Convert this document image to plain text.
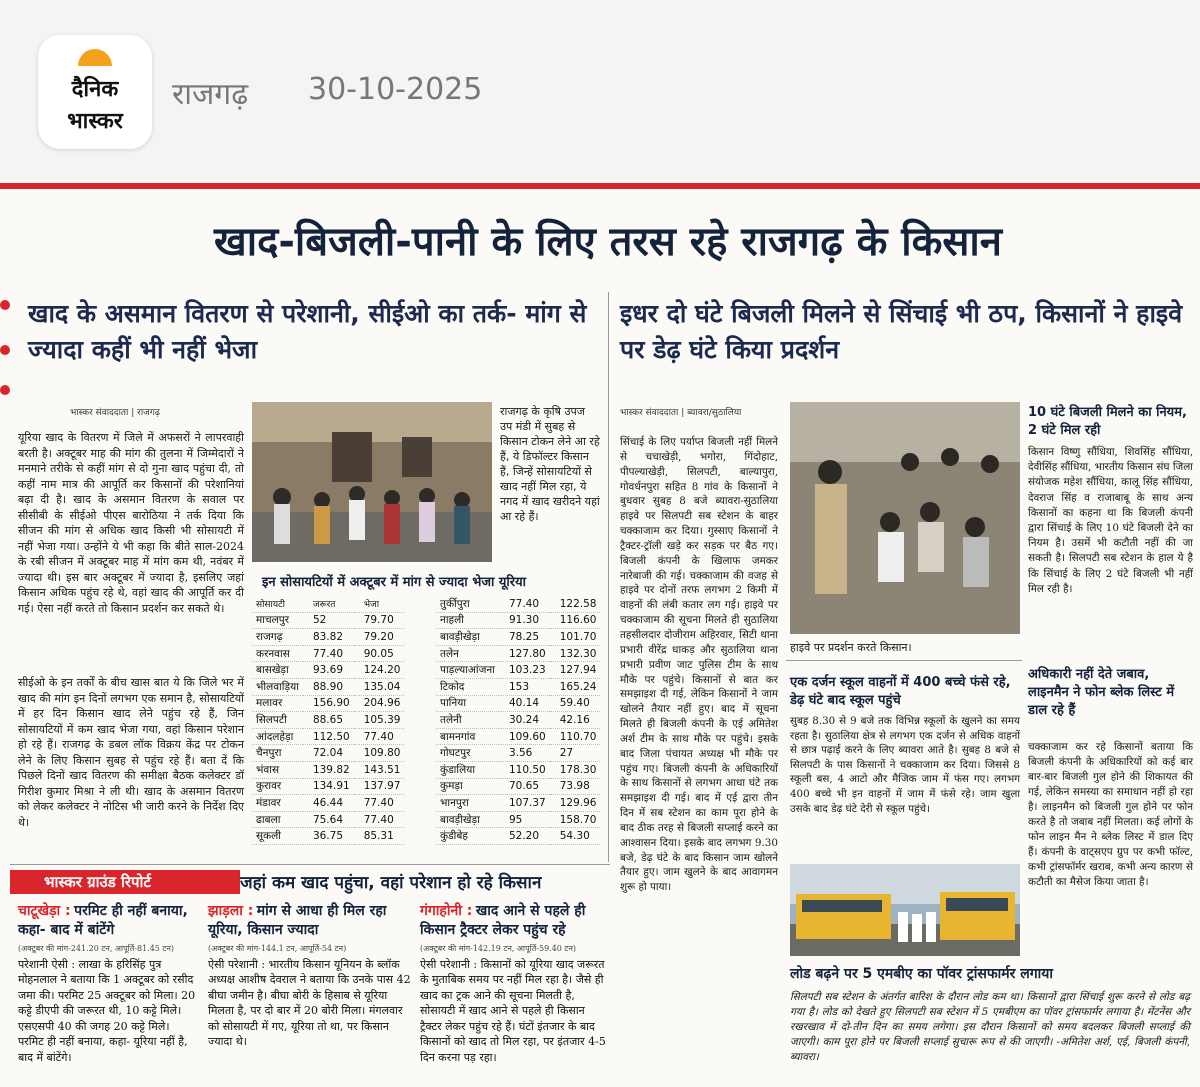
दैनिक
भास्कर
राजगढ़ 30-10-2025
खाद-बिजली-पानी के लिए तरस रहे राजगढ़ के किसान
खाद के असमान वितरण से परेशानी, सीईओ का तर्क- मांग से ज्यादा कहीं भी नहीं भेजा
भास्कर संवाददाता | राजगढ़
यूरिया खाद के वितरण में जिले में अफसरों ने लापरवाही बरती है। अक्टूबर माह की मांग की तुलना में जिम्मेदारों ने मनमाने तरीके से कहीं मांग से दो गुना खाद पहुंचा दी, तो कहीं नाम मात्र की आपूर्ति कर किसानों की परेशानियां बढ़ा दी है। खाद के असमान वितरण के सवाल पर सीसीबी के सीईओ पीएस बारोठिया ने तर्क दिया कि सीजन की मांग से अधिक खाद किसी भी सोसायटी में नहीं भेजा गया। उन्होंने ये भी कहा कि बीते साल-2024 के रबी सीजन में अक्टूबर माह में मांग कम थी, नवंबर में ज्यादा थी। इस बार अक्टूबर में ज्यादा है, इसलिए जहां किसान अधिक पहुंच रहे थे, वहां खाद की आपूर्ति कर दी गई। ऐसा नहीं करते तो किसान प्रदर्शन कर सकते थे।
सीईओ के इन तर्कों के बीच खास बात ये कि जिले भर में खाद की मांग इन दिनों लगभग एक समान है, सोसायटियों में हर दिन किसान खाद लेने पहुंच रहे हैं, जिन सोसायटियों में कम खाद भेजा गया, वहां किसान परेशान हो रहे हैं। राजगढ़ के डबल लॉक विक्रय केंद्र पर टोकन लेने के लिए किसान सुबह से पहुंच रहे हैं। बता दें कि पिछले दिनों खाद वितरण की समीक्षा बैठक कलेक्टर डॉ गिरीश कुमार मिश्रा ने ली थी। खाद के असमान वितरण को लेकर कलेक्टर ने नोटिस भी जारी करने के निर्देश दिए थे।
राजगढ़ के कृषि उपज उप मंडी में सुबह से किसान टोकन लेने आ रहे हैं, ये डिफॉल्टर किसान हैं, जिन्हें सोसायटियों से खाद नहीं मिल रहा, ये नगद में खाद खरीदने यहां आ रहे हैं।
इन सोसायटियों में अक्टूबर में मांग से ज्यादा भेजा यूरिया
सोसायटी	जरूरत	भेजा
माचलपुर	52	79.70
राजगढ़	83.82	79.20
करनवास	77.40	90.05
बासखेड़ा	93.69	124.20
भीलवाड़िया	88.90	135.04
मलावर	156.90	204.96
सिलपटी	88.65	105.39
आंदलहेड़ा	112.50	77.40
चैनपुरा	72.04	109.80
भंवास	139.82	143.51
कुरावर	134.91	137.97
मंडावर	46.44	77.40
ढाबला	75.64	77.40
सूकली	36.75	85.31
तुर्कीपुरा	77.40	122.58
नाहली	91.30	116.60
बावड़ीखेड़ा	78.25	101.70
तलेन	127.80	132.30
पाड़ल्याआंजना	103.23	127.94
टिकोद	153	165.24
पानिया	40.14	59.40
तलेनी	30.24	42.16
बामनगांव	109.60	110.70
गोघटपुर	3.56	27
कुंडालिया	110.50	178.30
कुमड़ा	70.65	73.98
भानपुरा	107.37	129.96
बावड़ीखेड़ा	95	158.70
कुंडीबेह	52.20	54.30
इधर दो घंटे बिजली मिलने से सिंचाई भी ठप, किसानों ने हाइवे पर डेढ़ घंटे किया प्रदर्शन
भास्कर संवाददाता | ब्यावरा/सुठालिया
सिंचाई के लिए पर्याप्त बिजली नहीं मिलने से चचाखेड़ी, भगोरा, गिंदोहाट, पीपल्याखेड़ी, सिलपटी, बाल्यापुरा, गोवर्धनपुरा सहित 8 गांव के किसानों ने बुधवार सुबह 8 बजे ब्यावरा-सुठालिया हाइवे पर सिलपटी सब स्टेशन के बाहर चक्काजाम कर दिया। गुस्साए किसानों ने ट्रैक्टर-ट्रॉली खड़े कर सड़क पर बैठ गए। बिजली कंपनी के खिलाफ जमकर नारेबाजी की गई। चक्काजाम की वजह से हाइवे पर दोनों तरफ लगभग 2 किमी में वाहनों की लंबी कतार लग गई। हाइवे पर चक्काजाम की सूचना मिलते ही सुठालिया तहसीलदार दोजीराम अहिरवार, सिटी थाना प्रभारी वीरेंद्र धाकड़ और सुठालिया थाना प्रभारी प्रवीण जाट पुलिस टीम के साथ मौके पर पहुंचे। किसानों से बात कर समझाइश दी गई, लेकिन किसानों ने जाम खोलने तैयार नहीं हुए। बाद में सूचना मिलते ही बिजली कंपनी के एई अमितेश अर्श टीम के साथ मौके पर पहुंचे। इसके बाद जिला पंचायत अध्यक्ष भी मौके पर पहुंच गए। बिजली कंपनी के अधिकारियों के साथ किसानों से लगभग आधा घंटे तक समझाइश दी गई। बाद में एई द्वारा तीन दिन में सब स्टेशन का काम पूरा होने के बाद ठीक तरह से बिजली सप्लाई करने का आश्वासन दिया। इसके बाद लगभग 9.30 बजे, डेढ़ घंटे के बाद किसान जाम खोलने तैयार हुए। जाम खुलने के बाद आवागमन शुरू हो पाया।
हाइवे पर प्रदर्शन करते किसान।
10 घंटे बिजली मिलने का नियम, 2 घंटे मिल रही
किसान विष्णु सौंधिया, शिवसिंह सौंधिया, देवीसिंह सौंधिया, भारतीय किसान संघ जिला संयोजक महेश सौंधिया, कालू सिंह सौंधिया, देवराज सिंह व राजाबाबू के साथ अन्य किसानों का कहना था कि बिजली कंपनी द्वारा सिंचाई के लिए 10 घंटे बिजली देने का नियम है। उसमें भी कटौती नहीं की जा सकती है। सिलपटी सब स्टेशन के हाल ये है कि सिंचाई के लिए 2 घंटे बिजली भी नहीं मिल रही है।
एक दर्जन स्कूल वाहनों में 400 बच्चे फंसे रहे, डेढ़ घंटे बाद स्कूल पहुंचे
सुबह 8.30 से 9 बजे तक विभिन्न स्कूलों के खुलने का समय रहता है। सुठालिया क्षेत्र से लगभग एक दर्जन से अधिक वाहनों से छात्र पढ़ाई करने के लिए ब्यावरा आते है। सुबह 8 बजे से सिलपटी के पास किसानों ने चक्काजाम कर दिया। जिससे 8 स्कूली बस, 4 आटो और मैजिक जाम में फंस गए। लगभग 400 बच्चे भी इन वाहनों में जाम में फंसे रहे। जाम खुला उसके बाद डेढ़ घंटे देरी से स्कूल पहुंचे।
अधिकारी नहीं देते जबाव, लाइनमैन ने फोन ब्लेक लिस्ट में डाल रहे हैं
चक्काजाम कर रहे किसानों बताया कि बिजली कंपनी के अधिकारियों को कई बार बार-बार बिजली गुल होने की शिकायत की गई, लेकिन समस्या का समाधान नहीं हो रहा है। लाइनमैन को बिजली गुल होने पर फोन करते है तो जबाब नहीं मिलता। कई लोगों के फोन लाइन मैन ने ब्लेक लिस्ट में डाल दिए हैं। कंपनी के वाट्सएप ग्रुप पर कभी फॉल्ट, कभी ट्रांसफॉर्मर खराब, कभी अन्य कारण से कटौती का मैसेज किया जाता है।
लोड बढ़ने पर 5 एमबीए का पॉवर ट्रांसफार्मर लगाया
सिलपटी सब स्टेशन के अंतर्गत बारिश के दौरान लोड कम था। किसानों द्वारा सिंचाई शुरू करने से लोड बढ़ गया है। लोड को देखते हुए सिलपटी सब स्टेशन में 5 एमबीएम का पॉवर ट्रांसफार्मर लगाया है। मेंटनेंस और रखरखाव में दो-तीन दिन का समय लगेगा। इस दौरान किसानों को समय बदलकर बिजली सप्लाई की जाएगी। काम पूरा होने पर बिजली सप्लाई सुचारू रूप से की जाएगी। -अमितेश अर्श, एई, बिजली कंपनी, ब्यावरा।
भास्कर ग्राउंड रिपोर्ट	जहां कम खाद पहुंचा, वहां परेशान हो रहे किसान
चाटूखेड़ा : परमिट ही नहीं बनाया, कहा- बाद में बांटेंगे
(अक्टूबर की मांग-241.20 टन, आपूर्ति-81.45 टन)
परेशानी ऐसी : लाखा के हरिसिंह पुत्र मोहनलाल ने बताया कि 1 अक्टूबर को रसीद जमा की। परमिट 25 अक्टूबर को मिला। 20 कट्टे डीएपी की जरूरत थी, 10 कट्टे मिले। एसएसपी 40 की जगह 20 कट्टे मिले। परमिट ही नहीं बनाया, कहा- यूरिया नहीं है, बाद में बांटेंगे।
झाड़ला : मांग से आधा ही मिल रहा यूरिया, किसान ज्यादा
(अक्टूबर की मांग-144.1 टन, आपूर्ति-54 टन)
ऐसी परेशानी : भारतीय किसान यूनियन के ब्लॉक अध्यक्ष आशीष देवराल ने बताया कि उनके पास 42 बीघा जमीन है। बीघा बोरी के हिसाब से यूरिया मिलता है, पर दो बार में 20 बोरी मिला। मंगलवार को सोसायटी में गए, यूरिया तो था, पर किसान ज्यादा थे।
गंगाहोनी : खाद आने से पहले ही किसान ट्रैक्टर लेकर पहुंच रहे
(अक्टूबर की मांग-142.19 टन, आपूर्ति-59.40 टन)
ऐसी परेशानी : किसानों को यूरिया खाद जरूरत के मुताबिक समय पर नहीं मिल रहा है। जैसे ही खाद का ट्रक आने की सूचना मिलती है, सोसायटी में खाद आने से पहले ही किसान ट्रैक्टर लेकर पहुंच रहे हैं। घंटों इंतजार के बाद किसानों को खाद तो मिल रहा, पर इंतजार 4-5 दिन करना पड़ रहा।
